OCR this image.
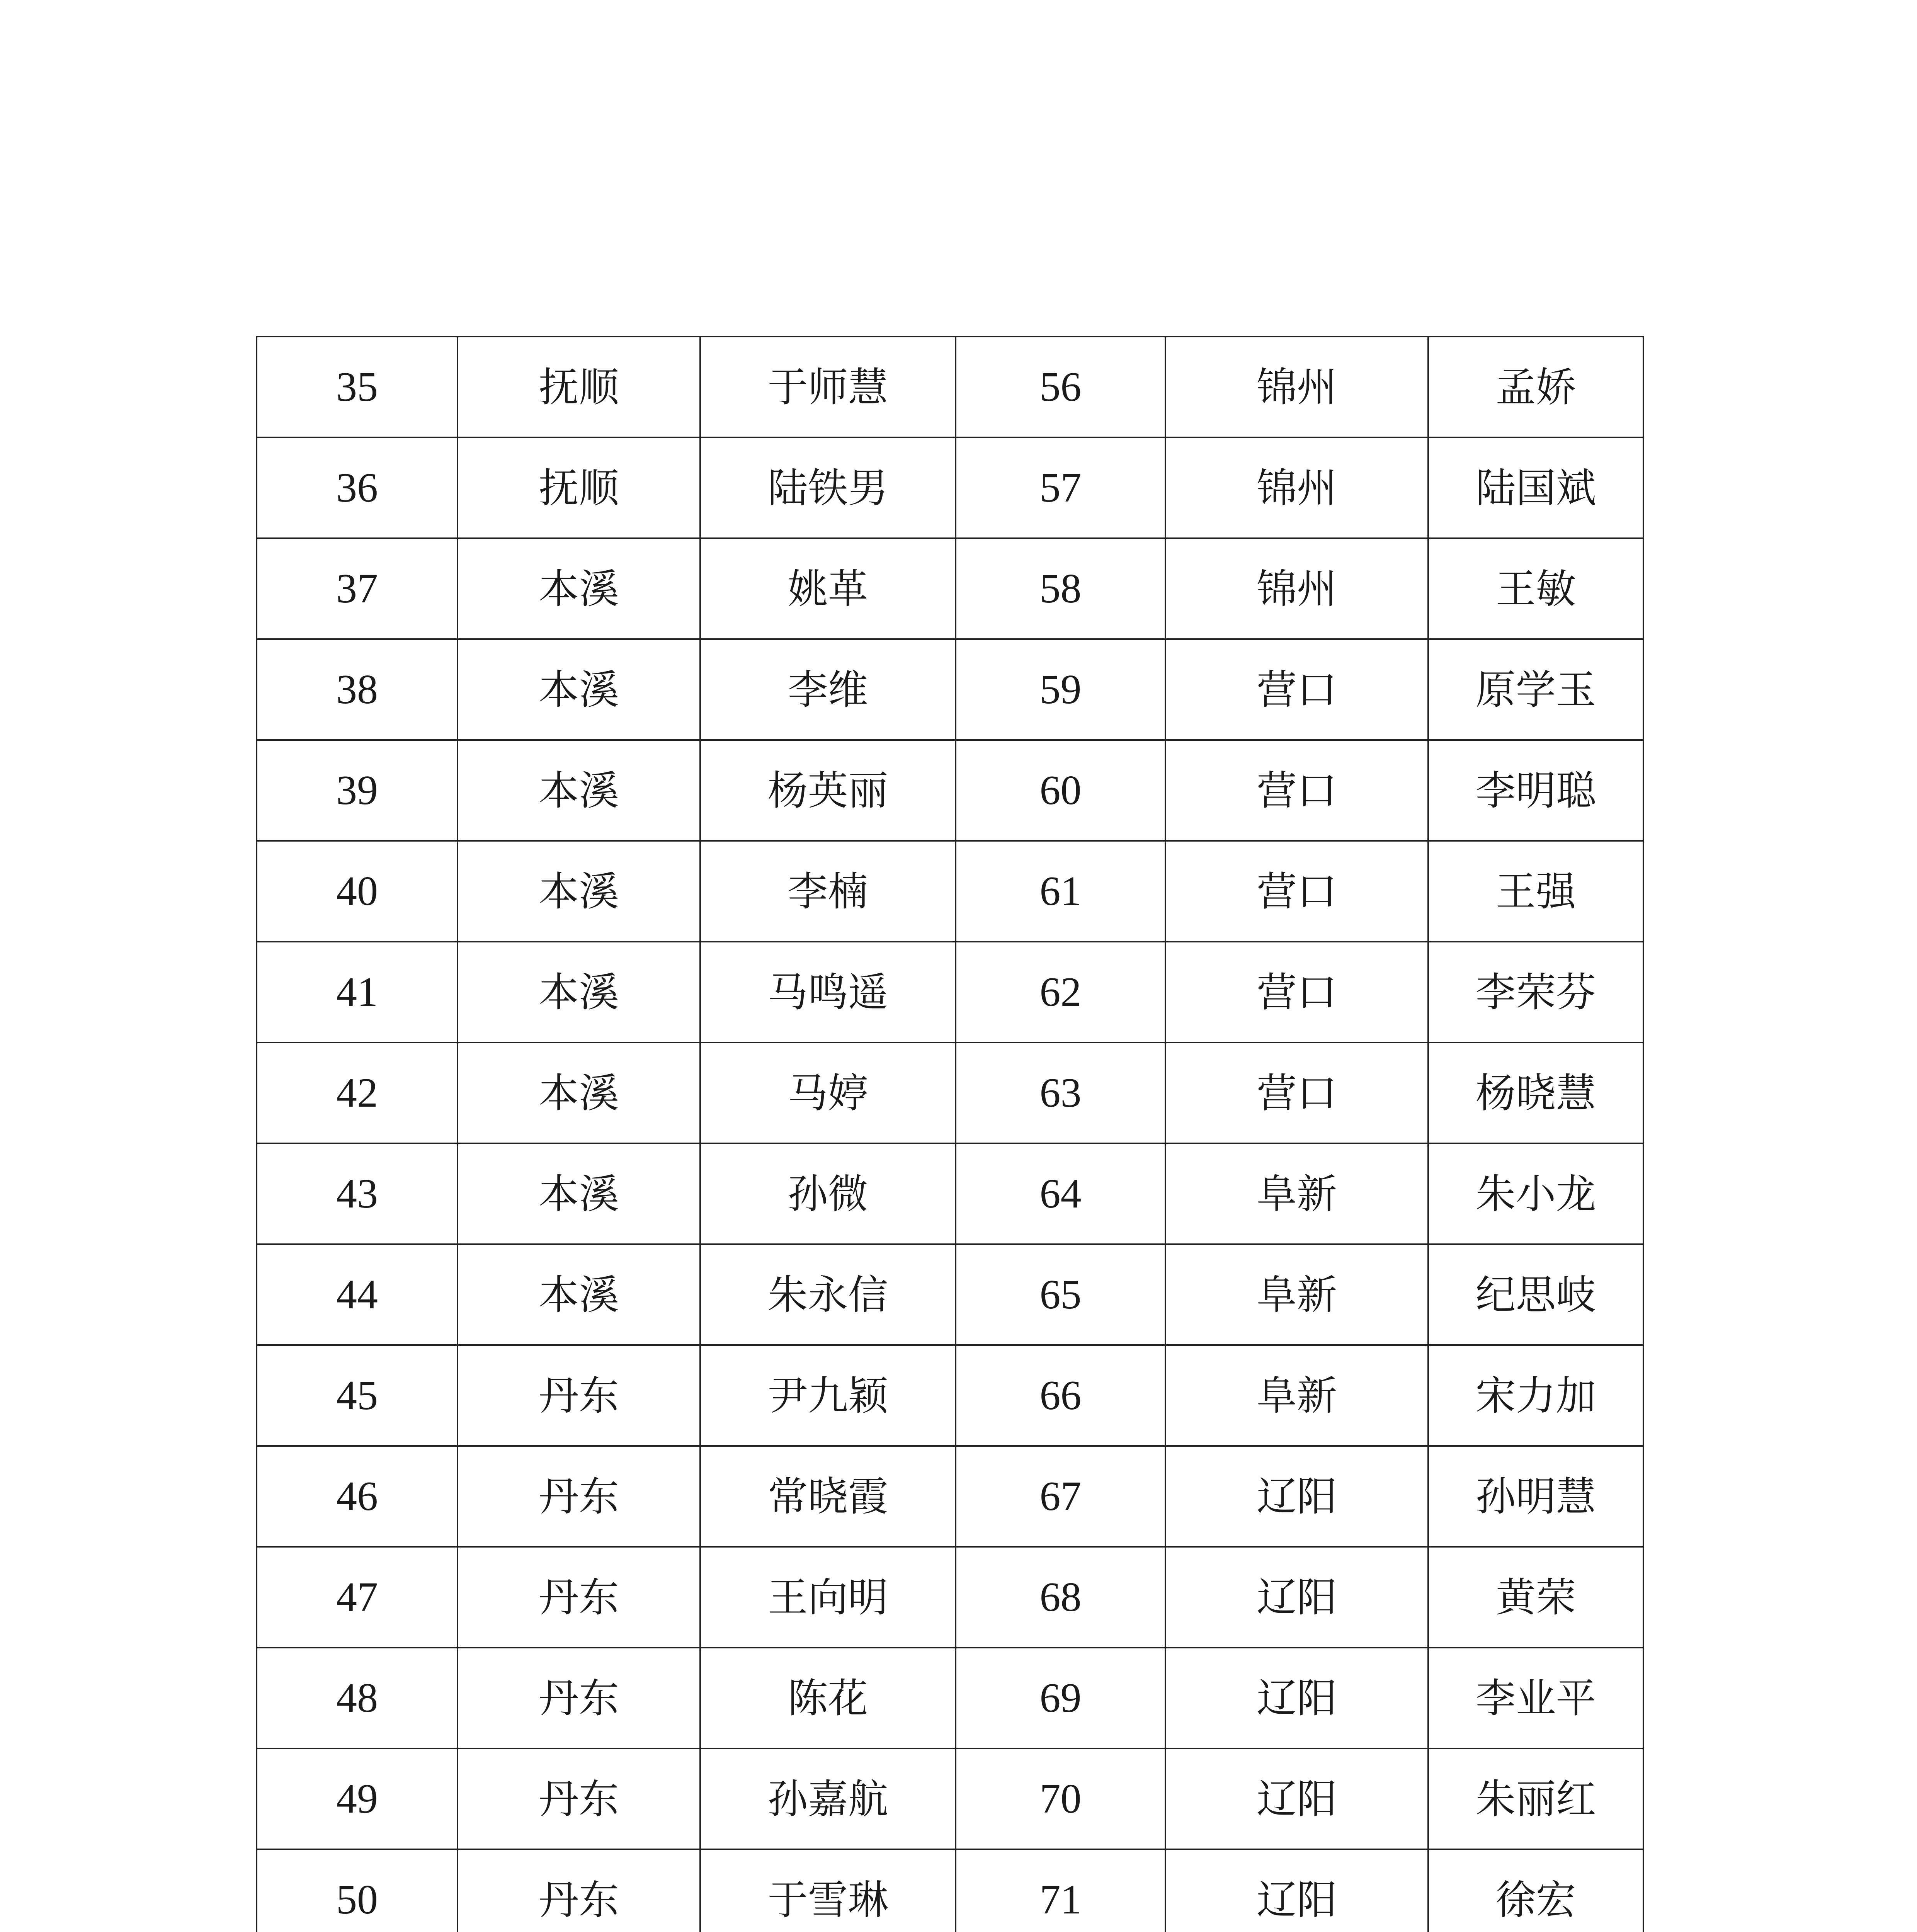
35	抚顺	于师慧	56	锦州	孟娇
36	抚顺	陆铁男	57	锦州	陆国斌
37	本溪	姚革	58	锦州	王敏
38	本溪	李维	59	营口	原学玉
39	本溪	杨英丽	60	营口	李明聪
40	本溪	李楠	61	营口	王强
41	本溪	马鸣遥	62	营口	李荣芬
42	本溪	马婷	63	营口	杨晓慧
43	本溪	孙微	64	阜新	朱小龙
44	本溪	朱永信	65	阜新	纪思岐
45	丹东	尹九颖	66	阜新	宋力加
46	丹东	常晓霞	67	辽阳	孙明慧
47	丹东	王向明	68	辽阳	黄荣
48	丹东	陈花	69	辽阳	李业平
49	丹东	孙嘉航	70	辽阳	朱丽红
50	丹东	于雪琳	71	辽阳	徐宏
